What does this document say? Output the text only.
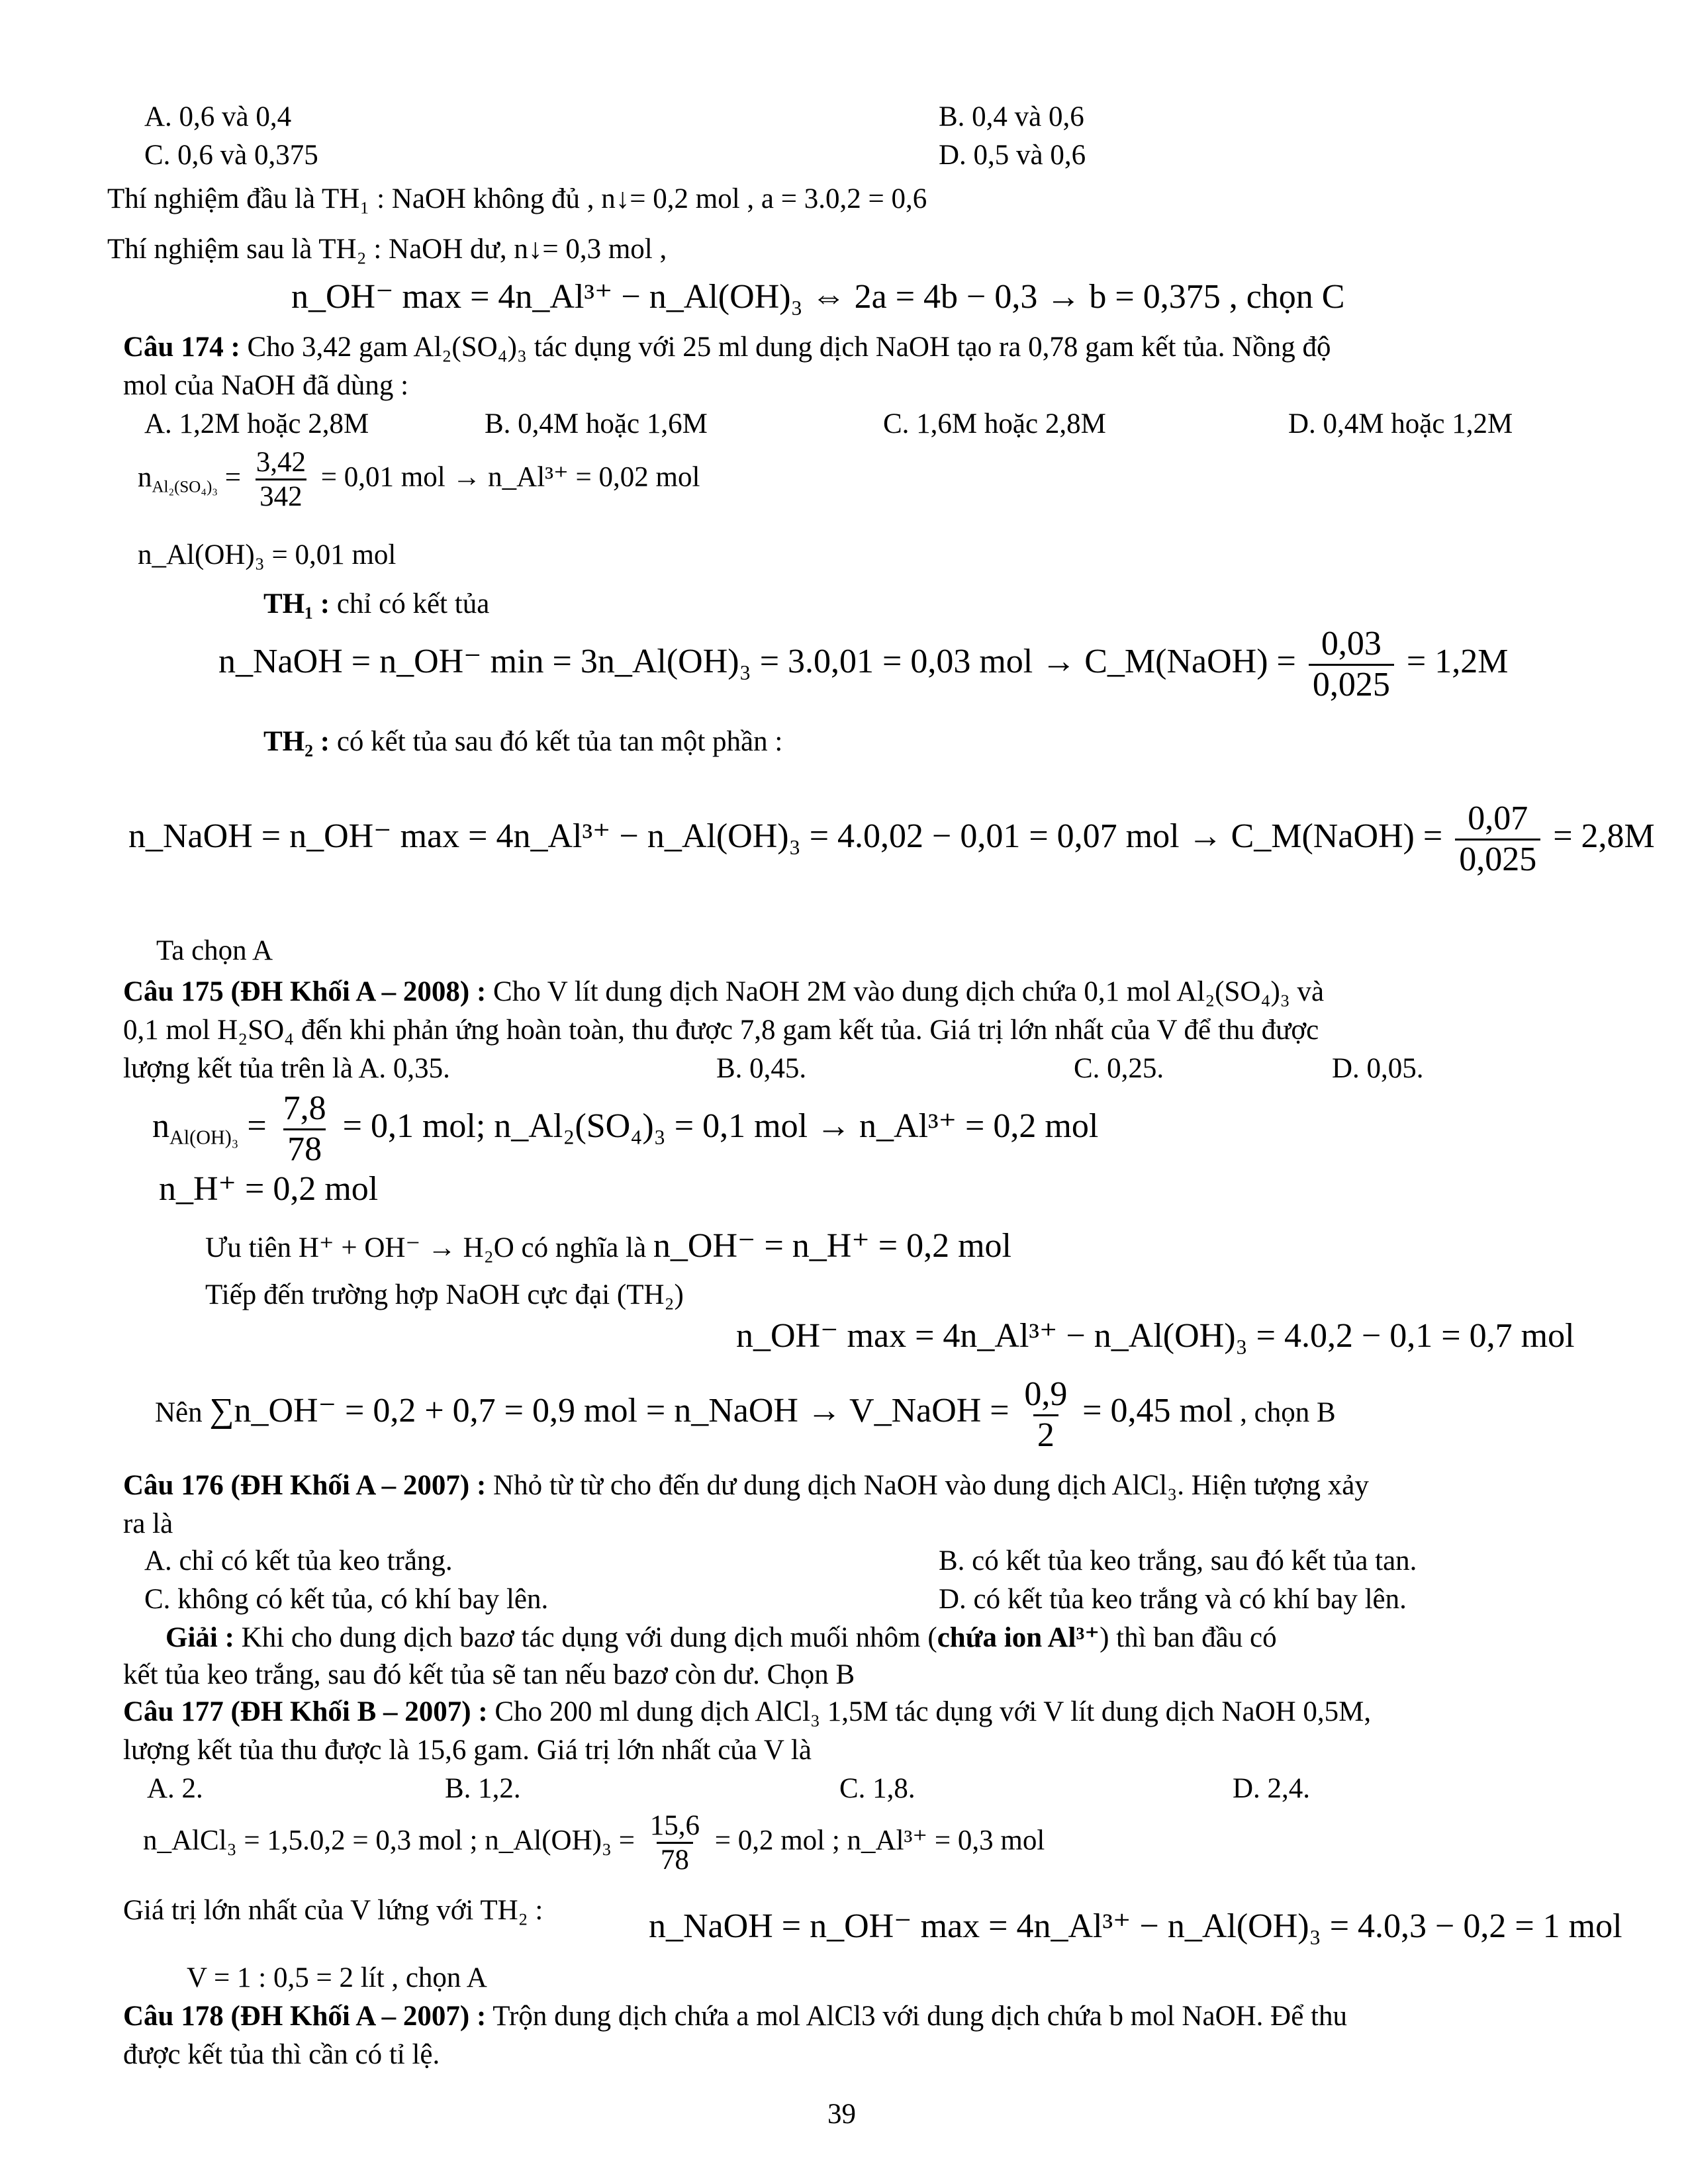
A. 0,6 và 0,4	B. 0,4 và 0,6
C. 0,6 và 0,375	D. 0,5 và 0,6
Thí nghiệm đầu là TH₁ : NaOH không đủ , n↓= 0,2 mol , a = 3.0,2 = 0,6
Thí nghiệm sau là TH₂ : NaOH dư, n↓= 0,3 mol ,
n_OH⁻ max = 4n_Al³⁺ − n_Al(OH)₃ ⇔ 2a = 4b − 0,3 → b = 0,375 , chọn C
Câu 174 : Cho 3,42 gam Al₂(SO₄)₃ tác dụng với 25 ml dung dịch NaOH tạo ra 0,78 gam kết tủa. Nồng độ
mol của NaOH đã dùng :
A. 1,2M hoặc 2,8M	B. 0,4M hoặc 1,6M	C. 1,6M hoặc 2,8M	D. 0,4M hoặc 1,2M
$n_{Al_2(SO_4)_3} = \frac{3,42}{342} = 0,01$ mol → n_Al³⁺ = 0,02 mol
n_Al(OH)₃ = 0,01 mol
TH₁ : chỉ có kết tủa
n_NaOH = n_OH⁻ min = 3n_Al(OH)₃ = 3.0,01 = 0,03 mol → C_M(NaOH) = $\frac{0,03}{0,025} = 1,2M$
TH₂ : có kết tủa sau đó kết tủa tan một phần :
n_NaOH = n_OH⁻ max = 4n_Al³⁺ − n_Al(OH)₃ = 4.0,02 − 0,01 = 0,07 mol → C_M(NaOH) = $\frac{0,07}{0,025} = 2,8M$
Ta chọn A
Câu 175 (ĐH Khối A – 2008) : Cho V lít dung dịch NaOH 2M vào dung dịch chứa 0,1 mol Al₂(SO₄)₃ và
0,1 mol H₂SO₄ đến khi phản ứng hoàn toàn, thu được 7,8 gam kết tủa. Giá trị lớn nhất của V để thu được
lượng kết tủa trên là A. 0,35.	B. 0,45.	C. 0,25.	D. 0,05.
$n_{Al(OH)_3} = \frac{7,8}{78} = 0,1$ mol; n_Al₂(SO₄)₃ = 0,1 mol → n_Al³⁺ = 0,2 mol
n_H⁺ = 0,2 mol
Ưu tiên H⁺ + OH⁻ → H₂O có nghĩa là n_OH⁻ = n_H⁺ = 0,2 mol
Tiếp đến trường hợp NaOH cực đại (TH₂)
n_OH⁻ max = 4n_Al³⁺ − n_Al(OH)₃ = 4.0,2 − 0,1 = 0,7 mol
Nên ∑n_OH⁻ = 0,2 + 0,7 = 0,9 mol = n_NaOH → V_NaOH = $\frac{0,9}{2} = 0,45$ mol , chọn B
Câu 176 (ĐH Khối A – 2007) : Nhỏ từ từ cho đến dư dung dịch NaOH vào dung dịch AlCl₃. Hiện tượng xảy
ra là
A. chỉ có kết tủa keo trắng.	B. có kết tủa keo trắng, sau đó kết tủa tan.
C. không có kết tủa, có khí bay lên.	D. có kết tủa keo trắng và có khí bay lên.
Giải : Khi cho dung dịch bazơ tác dụng với dung dịch muối nhôm (chứa ion Al³⁺) thì ban đầu có
kết tủa keo trắng, sau đó kết tủa sẽ tan nếu bazơ còn dư. Chọn B
Câu 177 (ĐH Khối B – 2007) : Cho 200 ml dung dịch AlCl₃ 1,5M tác dụng với V lít dung dịch NaOH 0,5M,
lượng kết tủa thu được là 15,6 gam. Giá trị lớn nhất của V là
A. 2.	B. 1,2.	C. 1,8.	D. 2,4.
n_AlCl₃ = 1,5.0,2 = 0,3 mol ; n_Al(OH)₃ = $\frac{15,6}{78} = 0,2$ mol ; n_Al³⁺ = 0,3 mol
Giá trị lớn nhất của V lứng với TH₂ :	n_NaOH = n_OH⁻ max = 4n_Al³⁺ − n_Al(OH)₃ = 4.0,3 − 0,2 = 1 mol
V = 1 : 0,5 = 2 lít , chọn A
Câu 178 (ĐH Khối A – 2007) : Trộn dung dịch chứa a mol AlCl3 với dung dịch chứa b mol NaOH. Để thu
được kết tủa thì cần có tỉ lệ.
39
